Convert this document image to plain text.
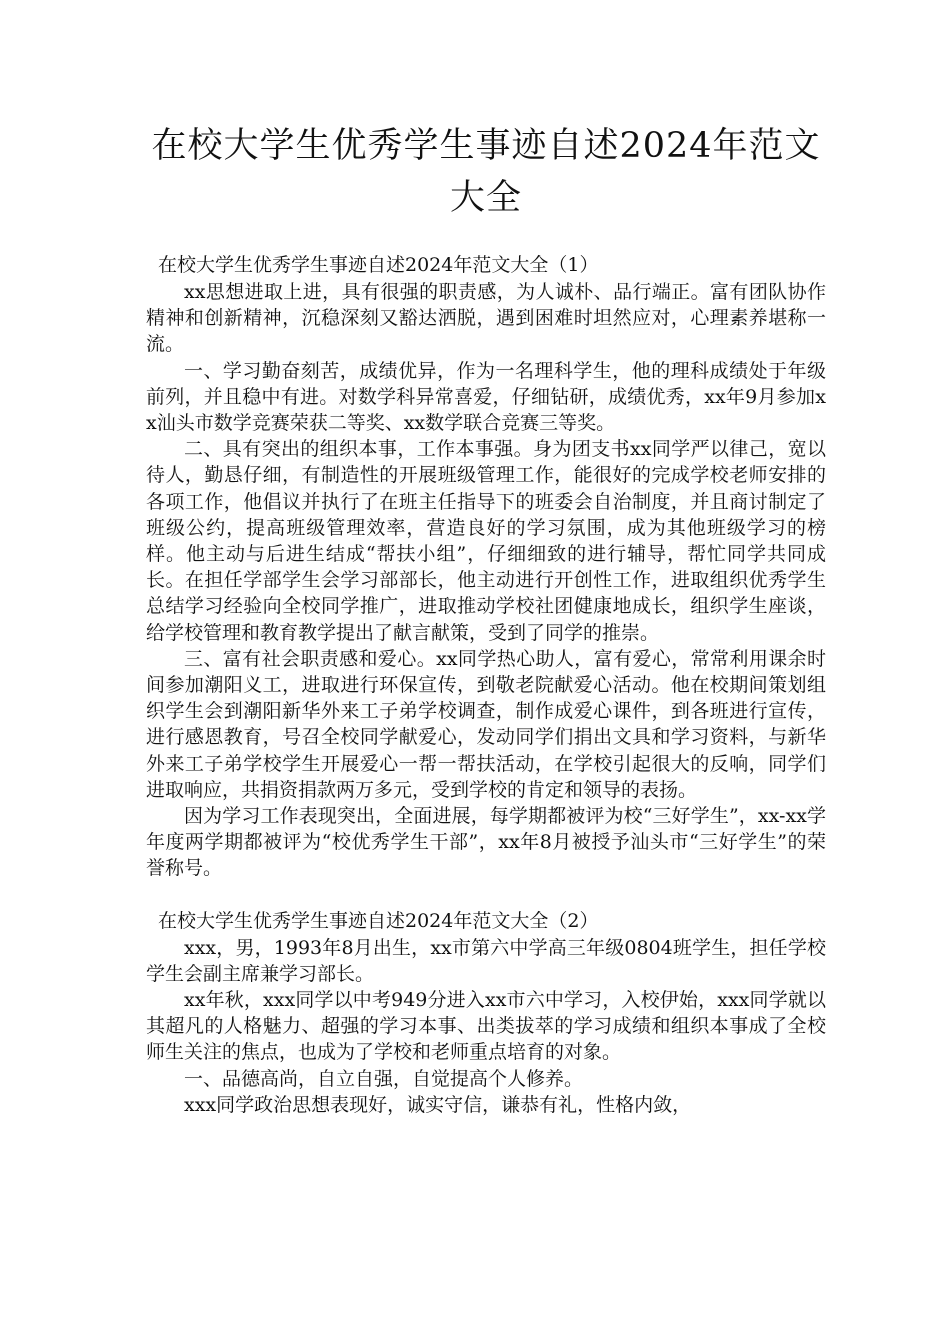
在校大学生优秀学生事迹自述2024年范文大全
在校大学生优秀学生事迹自述2024年范文大全（1）

xx思想进取上进，具有很强的职责感，为人诚朴、品行端正。富有团队协作精神和创新精神，沉稳深刻又豁达洒脱，遇到困难时坦然应对，心理素养堪称一流。

一、学习勤奋刻苦，成绩优异，作为一名理科学生，他的理科成绩处于年级前列，并且稳中有进。对数学科异常喜爱，仔细钻研，成绩优秀，xx年9月参加xx汕头市数学竞赛荣获二等奖、xx数学联合竞赛三等奖。

二、具有突出的组织本事，工作本事强。身为团支书xx同学严以律己，宽以待人，勤恳仔细，有制造性的开展班级管理工作，能很好的完成学校老师安排的各项工作，他倡议并执行了在班主任指导下的班委会自治制度，并且商讨制定了班级公约，提高班级管理效率，营造良好的学习氛围，成为其他班级学习的榜样。他主动与后进生结成“帮扶小组”，仔细细致的进行辅导，帮忙同学共同成长。在担任学部学生会学习部部长，他主动进行开创性工作，进取组织优秀学生总结学习经验向全校同学推广，进取推动学校社团健康地成长，组织学生座谈，给学校管理和教育教学提出了献言献策，受到了同学的推崇。

三、富有社会职责感和爱心。xx同学热心助人，富有爱心，常常利用课余时间参加潮阳义工，进取进行环保宣传，到敬老院献爱心活动。他在校期间策划组织学生会到潮阳新华外来工子弟学校调查，制作成爱心课件，到各班进行宣传，进行感恩教育，号召全校同学献爱心，发动同学们捐出文具和学习资料，与新华外来工子弟学校学生开展爱心一帮一帮扶活动，在学校引起很大的反响，同学们进取响应，共捐资捐款两万多元，受到学校的肯定和领导的表扬。

因为学习工作表现突出，全面进展，每学期都被评为校“三好学生”，xx-xx学年度两学期都被评为“校优秀学生干部”，xx年8月被授予汕头市“三好学生”的荣誉称号。

在校大学生优秀学生事迹自述2024年范文大全（2）

xxx，男，1993年8月出生，xx市第六中学高三年级0804班学生，担任学校学生会副主席兼学习部长。

xx年秋，xxx同学以中考949分进入xx市六中学习，入校伊始，xxx同学就以其超凡的人格魅力、超强的学习本事、出类拔萃的学习成绩和组织本事成了全校师生关注的焦点，也成为了学校和老师重点培育的对象。

一、品德高尚，自立自强，自觉提高个人修养。

xxx同学政治思想表现好，诚实守信，谦恭有礼，性格内敛，
